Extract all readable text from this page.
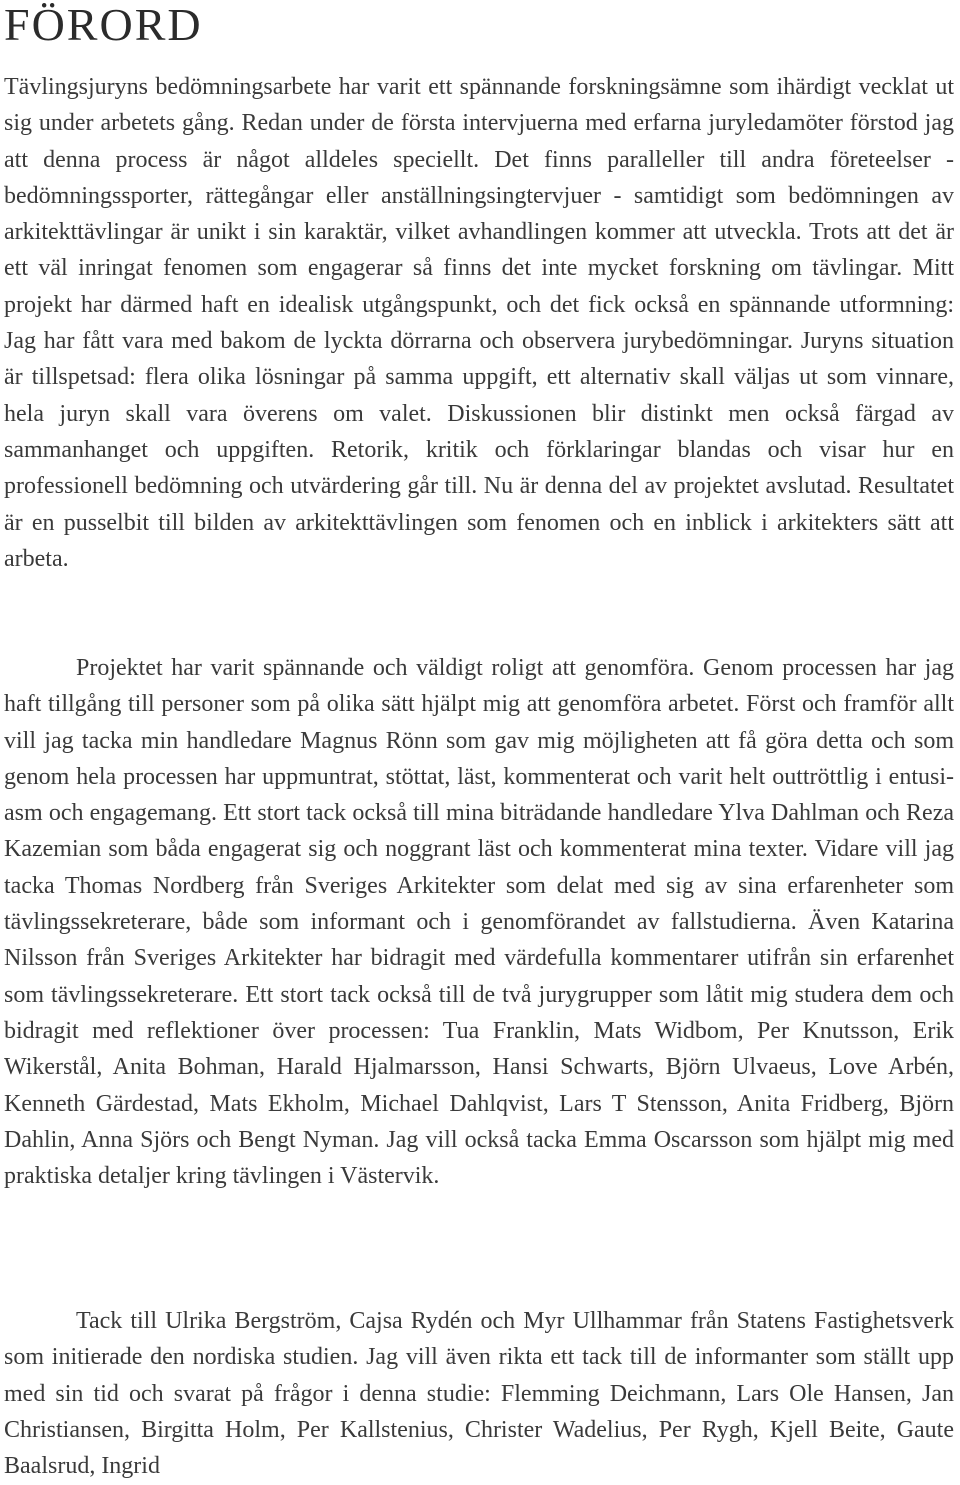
FÖRORD

Tävlingsjuryns bedömningsarbete har varit ett spännande forskningsämne som ihärdigt vecklat ut sig under arbetets gång. Redan under de första intervjuerna med erfarna juryledamöter förstod jag att denna process är något alldeles speciellt. Det finns paralleller till andra företeelser - bedömningssporter, rättegångar eller anställningsingtervjuer - samtidigt som bedömningen av arkitekttävlingar är unikt i sin karaktär, vilket avhandlingen kommer att utveckla. Trots att det är ett väl inringat fenomen som engagerar så finns det inte mycket forskning om tävlingar. Mitt projekt har därmed haft en idealisk utgångspunkt, och det fick också en spännande utformning: Jag har fått vara med bakom de lyckta dörrarna och observera jurybedömningar. Juryns situation är tillspetsad: flera olika lösningar på samma uppgift, ett alternativ skall väljas ut som vinnare, hela juryn skall vara överens om valet. Diskussionen blir distinkt men också färgad av sammanhanget och uppgiften. Retorik, kritik och förklaringar blandas och visar hur en professionell bedömning och utvärdering går till. Nu är denna del av projektet avslutad. Resultatet är en pusselbit till bilden av arkitekttävlingen som fenomen och en inblick i arkitekters sätt att arbeta.

Projektet har varit spännande och väldigt roligt att genomföra. Genom processen har jag haft tillgång till personer som på olika sätt hjälpt mig att genomföra arbetet. Först och framför allt vill jag tacka min handledare Magnus Rönn som gav mig möjligheten att få göra detta och som genom hela processen har uppmuntrat, stöttat, läst, kommenterat och varit helt outtröttlig i entusiasm och engagemang. Ett stort tack också till mina biträdande handledare Ylva Dahlman och Reza Kazemian som båda engagerat sig och noggrant läst och kommenterat mina texter. Vidare vill jag tacka Thomas Nordberg från Sveriges Arkitekter som delat med sig av sina erfarenheter som tävlingssekreterare, både som informant och i genomförandet av fallstudierna. Även Katarina Nilsson från Sveriges Arkitekter har bidragit med värdefulla kommentarer utifrån sin erfarenhet som tävlingssekreterare. Ett stort tack också till de två jurygrupper som låtit mig studera dem och bidragit med reflektioner över processen: Tua Franklin, Mats Widbom, Per Knutsson, Erik Wikerstål, Anita Bohman, Harald Hjalmarsson, Hansi Schwarts, Björn Ulvaeus, Love Arbén, Kenneth Gärdestad, Mats Ekholm, Michael Dahlqvist, Lars T Stensson, Anita Fridberg, Björn Dahlin, Anna Sjörs och Bengt Nyman. Jag vill också tacka Emma Oscarsson som hjälpt mig med praktiska detaljer kring tävlingen i Västervik.

Tack till Ulrika Bergström, Cajsa Rydén och Myr Ullhammar från Statens Fastighetsverk som initierade den nordiska studien. Jag vill även rikta ett tack till de informanter som ställt upp med sin tid och svarat på frågor i denna studie: Flemming Deichmann, Lars Ole Hansen, Jan Christiansen, Birgitta Holm, Per Kallstenius, Christer Wadelius, Per Rygh, Kjell Beite, Gaute Baalsrud, Ingrid
